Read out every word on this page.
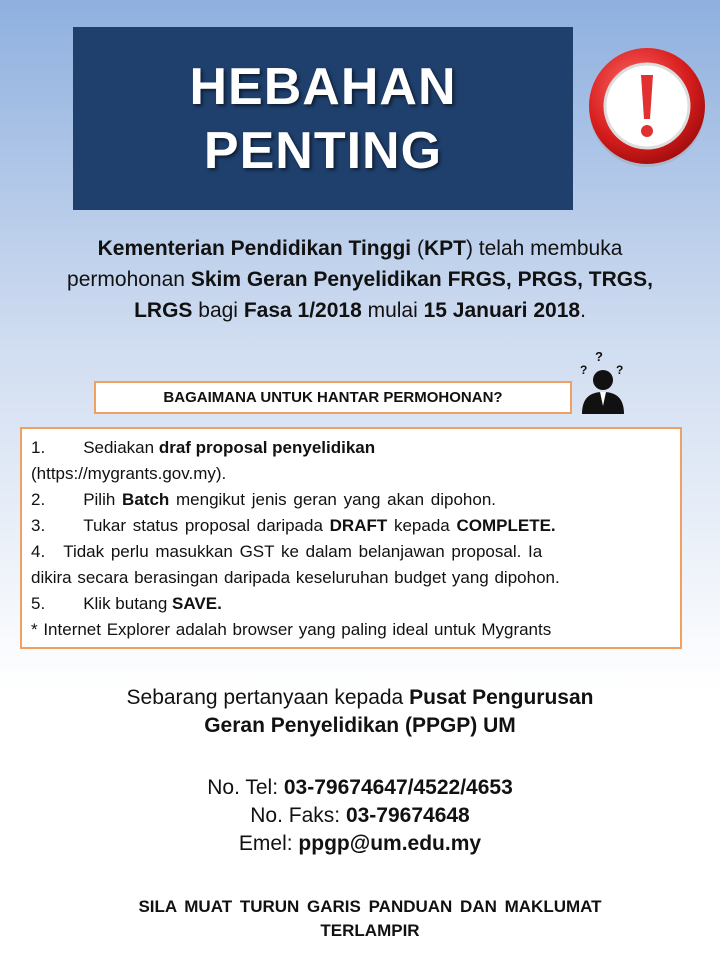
HEBAHAN
PENTING
Kementerian Pendidikan Tinggi (KPT) telah membuka permohonan Skim Geran Penyelidikan FRGS, PRGS, TRGS, LRGS bagi Fasa 1/2018 mulai 15 Januari 2018.
BAGAIMANA UNTUK HANTAR PERMOHONAN?
?
? ?

1. Sediakan draf proposal penyelidikan

(https://mygrants.gov.my).

2. Pilih Batch mengikut jenis geran yang akan dipohon.

3. Tukar status proposal daripada DRAFT kepada COMPLETE.

4. Tidak perlu masukkan GST ke dalam belanjawan proposal. Ia

dikira secara berasingan daripada keseluruhan budget yang dipohon.

5. Klik butang SAVE.

* Internet Explorer adalah browser yang paling ideal untuk Mygrants

Sebarang pertanyaan kepada Pusat Pengurusan
Geran Penyelidikan (PPGP) UM
No. Tel: 03-79674647/4522/4653
No. Faks: 03-79674648
Emel: ppgp@um.edu.my
SILA MUAT TURUN GARIS PANDUAN DAN MAKLUMAT
TERLAMPIR
